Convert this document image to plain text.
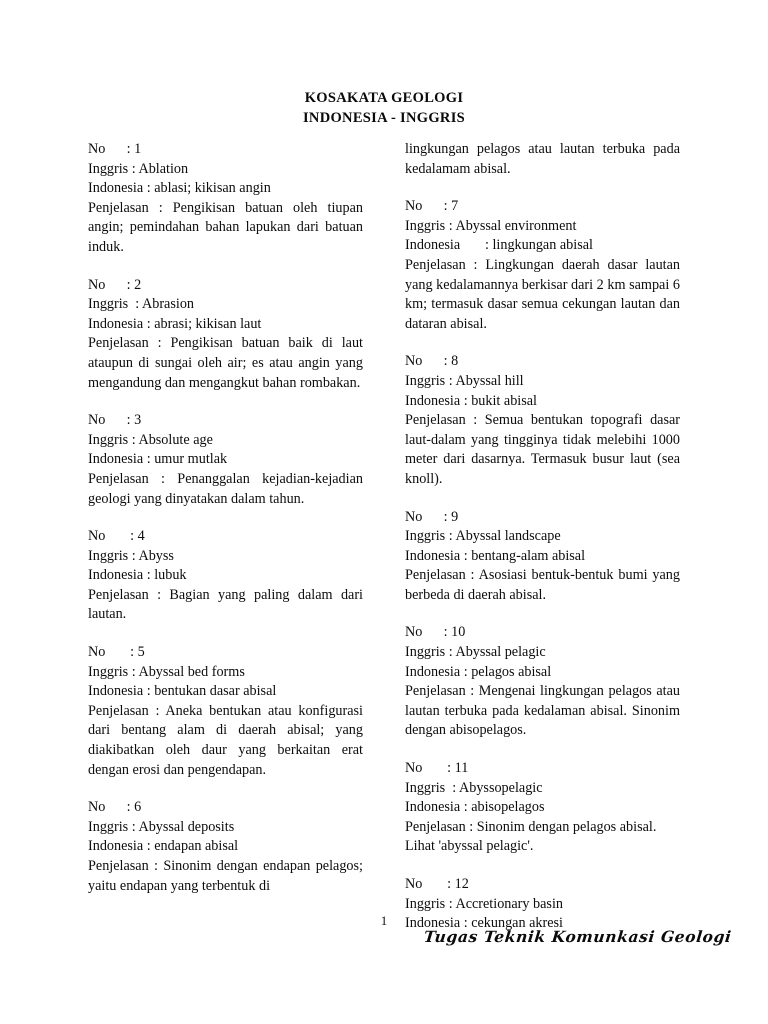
KOSAKATA GEOLOGI
INDONESIA - INGGRIS
No      : 1
Inggris : Ablation
Indonesia : ablasi; kikisan angin

Penjelasan : Pengikisan batuan oleh tiupan angin; pemindahan bahan lapukan dari batuan induk.

No      : 2
Inggris  : Abrasion
Indonesia : abrasi; kikisan laut

Penjelasan : Pengikisan batuan baik di laut ataupun di sungai oleh air; es atau angin yang mengandung dan mengangkut bahan rombakan.

No      : 3
Inggris : Absolute age
Indonesia : umur mutlak

Penjelasan : Penanggalan kejadian-kejadian geologi yang dinyatakan dalam tahun.

No       : 4
Inggris : Abyss
Indonesia : lubuk

Penjelasan : Bagian yang paling dalam dari lautan.

No       : 5
Inggris : Abyssal bed forms
Indonesia : bentukan dasar abisal

Penjelasan : Aneka bentukan atau konfigurasi dari bentang alam di daerah abisal; yang diakibatkan oleh daur yang berkaitan erat dengan erosi dan pengendapan.

No      : 6
Inggris : Abyssal deposits
Indonesia : endapan abisal

Penjelasan : Sinonim dengan endapan pelagos; yaitu endapan yang terbentuk di

lingkungan pelagos atau lautan terbuka pada kedalamam abisal.

No      : 7
Inggris : Abyssal environment
Indonesia       : lingkungan abisal

Penjelasan : Lingkungan daerah dasar lautan yang kedalamannya berkisar dari 2 km sampai 6 km; termasuk dasar semua cekungan lautan dan dataran abisal.

No      : 8
Inggris : Abyssal hill
Indonesia : bukit abisal

Penjelasan : Semua bentukan topografi dasar laut-dalam yang tingginya tidak melebihi 1000 meter dari dasarnya. Termasuk busur laut (sea knoll).

No      : 9
Inggris : Abyssal landscape
Indonesia : bentang-alam abisal

Penjelasan : Asosiasi bentuk-bentuk bumi yang berbeda di daerah abisal.

No      : 10
Inggris : Abyssal pelagic
Indonesia : pelagos abisal

Penjelasan : Mengenai lingkungan pelagos atau lautan terbuka pada kedalaman abisal. Sinonim dengan abisopelagos.

No       : 11
Inggris  : Abyssopelagic
Indonesia : abisopelagos

Penjelasan : Sinonim dengan pelagos abisal. Lihat 'abyssal pelagic'.

No       : 12
Inggris : Accretionary basin
Indonesia : cekungan akresi
1
Tugas Teknik Komunkasi Geologi
